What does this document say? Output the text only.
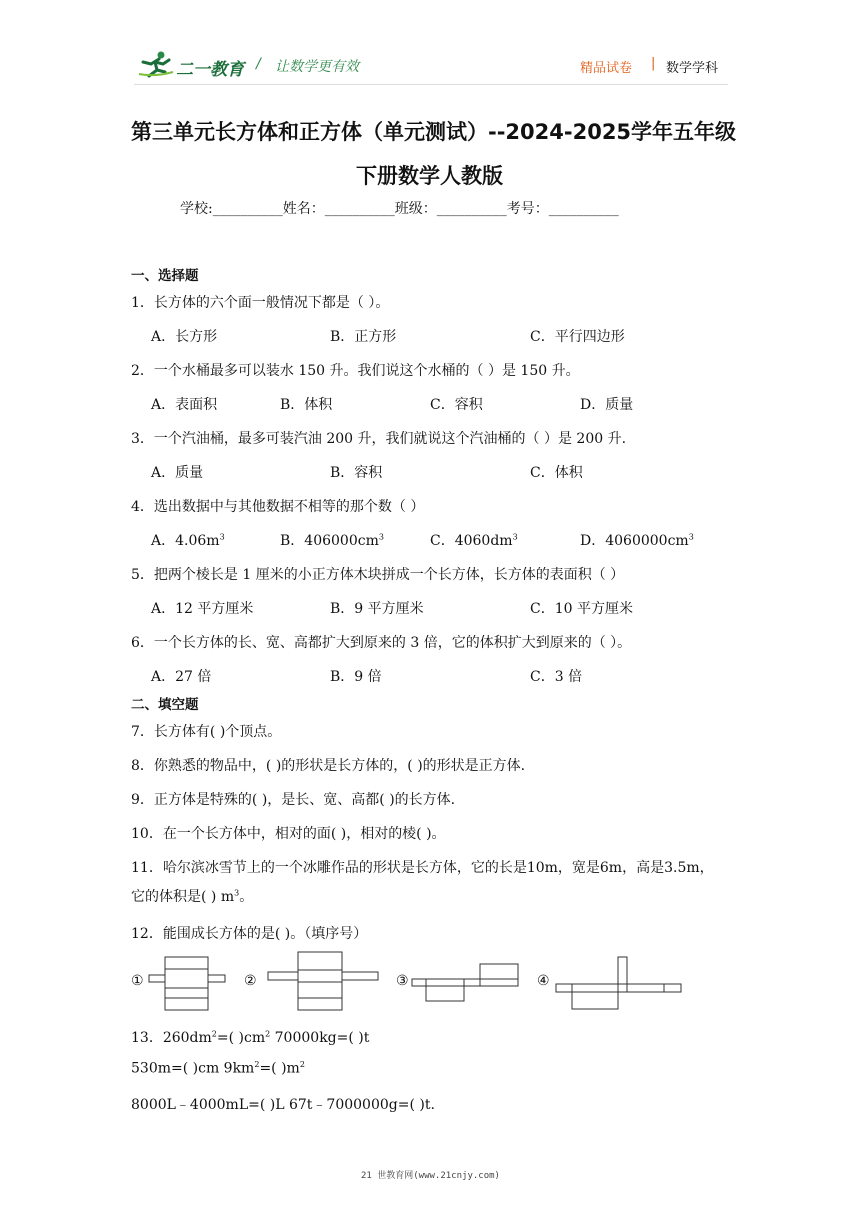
二一教育 / 让数学更有效	精品试卷 | 数学学科
第三单元长方体和正方体（单元测试）--2024-2025学年五年级
下册数学人教版
学校:__________姓名：__________班级：__________考号：__________
一、选择题
1．长方体的六个面一般情况下都是（ ）。
A．长方形	B．正方形	C．平行四边形
2．一个水桶最多可以装水 150 升。我们说这个水桶的（ ）是 150 升。
A．表面积	B．体积	C．容积	D．质量
3．一个汽油桶，最多可装汽油 200 升，我们就说这个汽油桶的（ ）是 200 升.
A．质量	B．容积	C．体积
4．选出数据中与其他数据不相等的那个数（ ）
A．$4.06m^3$	B．$406000cm^3$	C．$4060dm^3$	D．$4060000cm^3$
5．把两个棱长是 1 厘米的小正方体木块拼成一个长方体，长方体的表面积（ ）
A．12 平方厘米	B．9 平方厘米	C．10 平方厘米
6．一个长方体的长、宽、高都扩大到原来的 3 倍，它的体积扩大到原来的（ ）。
A．27 倍	B．9 倍	C．3 倍
二、填空题
7．长方体有( )个顶点。
8．你熟悉的物品中，( )的形状是长方体的，( )的形状是正方体.
9．正方体是特殊的( )，是长、宽、高都( )的长方体.
10．在一个长方体中，相对的面( )，相对的棱( )。
11．哈尔滨冰雪节上的一个冰雕作品的形状是长方体，它的长是10m，宽是6m，高是3.5m，
它的体积是( ) $m^3$。
12．能围成长方体的是( )。（填序号）
①	②	③	④
13．$260dm^2=$( )$cm^2$ 70000kg=( )t
530m=( )cm $9km^2=$( )$m^2$
8000L﹣4000mL=( )L 67t﹣7000000g=( )t.
21 世教育网(www.21cnjy.com)
